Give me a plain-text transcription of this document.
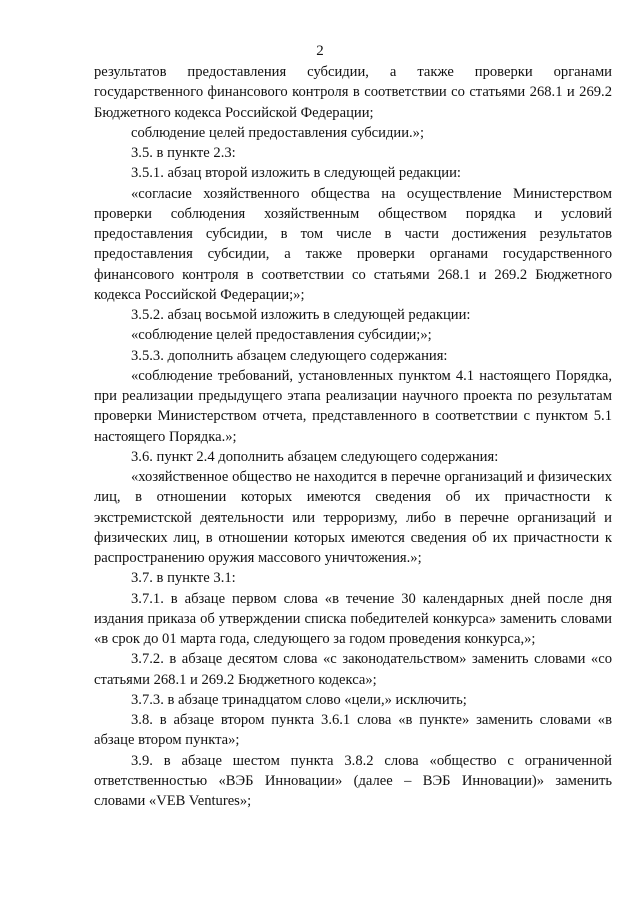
2

результатов предоставления субсидии, а также проверки органами государственного финансового контроля в соответствии со статьями 268.1 и 269.2 Бюджетного кодекса Российской Федерации;

соблюдение целей предоставления субсидии.»;

3.5. в пункте 2.3:

3.5.1. абзац второй изложить в следующей редакции:

«согласие хозяйственного общества на осуществление Министерством проверки соблюдения хозяйственным обществом порядка и условий предоставления субсидии, в том числе в части достижения результатов предоставления субсидии, а также проверки органами государственного финансового контроля в соответствии со статьями 268.1 и 269.2 Бюджетного кодекса Российской Федерации;»;

3.5.2. абзац восьмой изложить в следующей редакции:

«соблюдение целей предоставления субсидии;»;

3.5.3. дополнить абзацем следующего содержания:

«соблюдение требований, установленных пунктом 4.1 настоящего Порядка, при реализации предыдущего этапа реализации научного проекта по результатам проверки Министерством отчета, представленного в соответствии с пунктом 5.1 настоящего Порядка.»;

3.6. пункт 2.4 дополнить абзацем следующего содержания:

«хозяйственное общество не находится в перечне организаций и физических лиц, в отношении которых имеются сведения об их причастности к экстремистской деятельности или терроризму, либо в перечне организаций и физических лиц, в отношении которых имеются сведения об их причастности к распространению оружия массового уничтожения.»;

3.7. в пункте 3.1:

3.7.1. в абзаце первом слова «в течение 30 календарных дней после дня издания приказа об утверждении списка победителей конкурса» заменить словами «в срок до 01 марта года, следующего за годом проведения конкурса,»;

3.7.2. в абзаце десятом слова «с законодательством» заменить словами «со статьями 268.1 и 269.2 Бюджетного кодекса»;

3.7.3. в абзаце тринадцатом слово «цели,» исключить;

3.8. в абзаце втором пункта 3.6.1 слова «в пункте» заменить словами «в абзаце втором пункта»;

3.9. в абзаце шестом пункта 3.8.2 слова «общество с ограниченной ответственностью «ВЭБ Инновации» (далее – ВЭБ Инновации)» заменить словами «VEB Ventures»;
